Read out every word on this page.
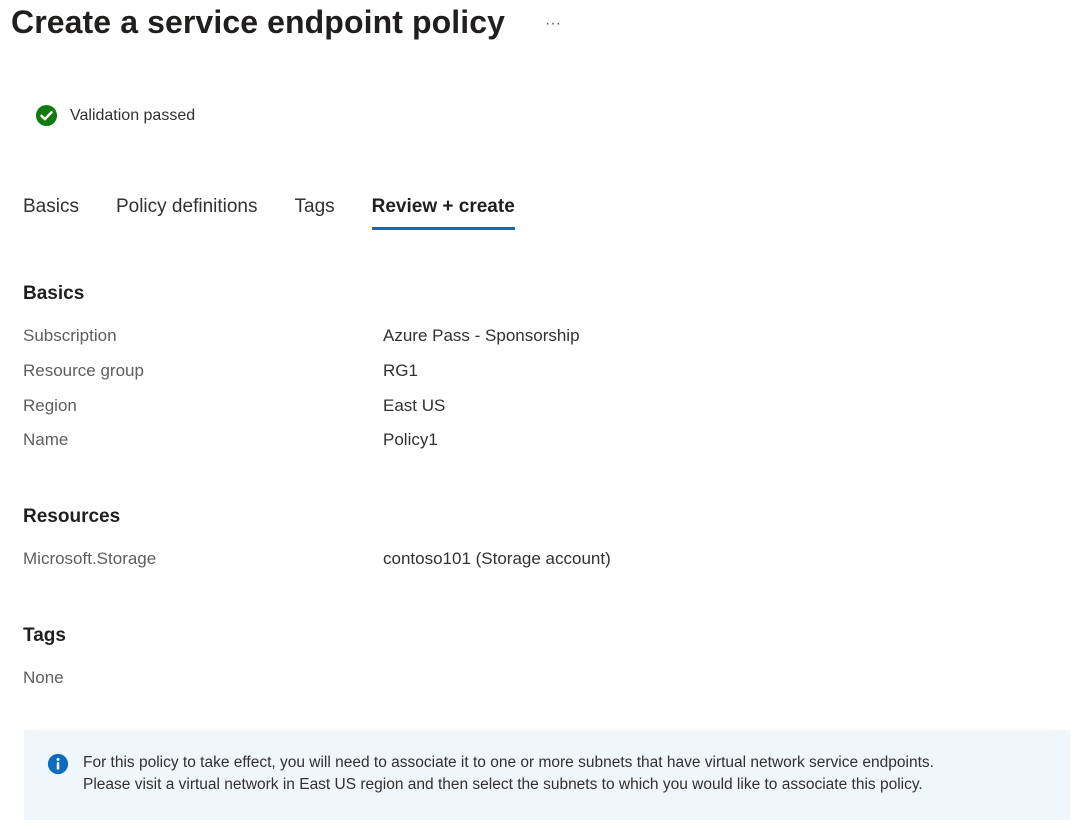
Create a service endpoint policy	···
Validation passed
Basics Policy definitions Tags Review + create
Basics
Subscription	Azure Pass - Sponsorship
Resource group	RG1
Region	East US
Name	Policy1
Resources
Microsoft.Storage	contoso101 (Storage account)
Tags
None
For this policy to take effect, you will need to associate it to one or more subnets that have virtual network service endpoints.
Please visit a virtual network in East US region and then select the subnets to which you would like to associate this policy.
